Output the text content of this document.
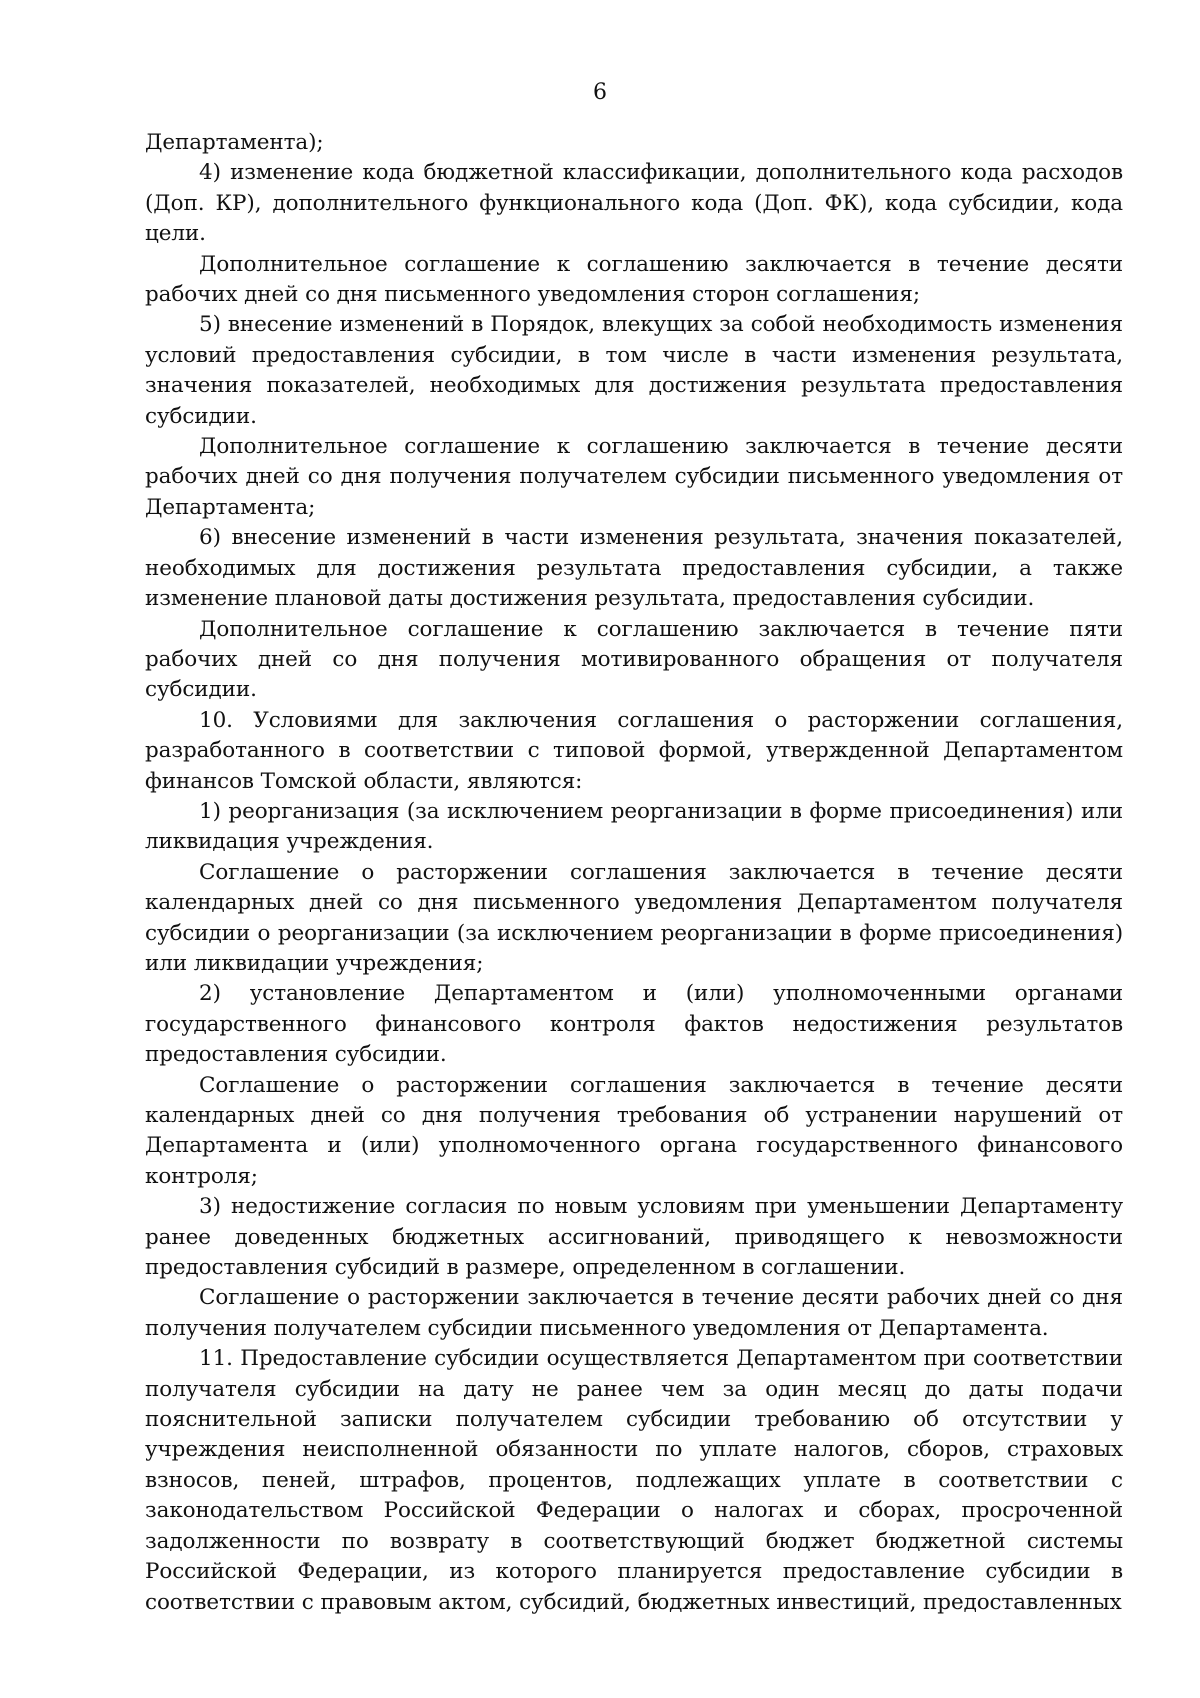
6

Департамента);

4) изменение кода бюджетной классификации, дополнительного кода расходов (Доп. КР), дополнительного функционального кода (Доп. ФК), кода субсидии, кода цели.

Дополнительное соглашение к соглашению заключается в течение десяти рабочих дней со дня письменного уведомления сторон соглашения;

5) внесение изменений в Порядок, влекущих за собой необходимость изменения условий предоставления субсидии, в том числе в части изменения результата, значения показателей, необходимых для достижения результата предоставления субсидии.

Дополнительное соглашение к соглашению заключается в течение десяти рабочих дней со дня получения получателем субсидии письменного уведомления от Департамента;

6) внесение изменений в части изменения результата, значения показателей, необходимых для достижения результата предоставления субсидии, а также изменение плановой даты достижения результата, предоставления субсидии.

Дополнительное соглашение к соглашению заключается в течение пяти рабочих дней со дня получения мотивированного обращения от получателя субсидии.

10. Условиями для заключения соглашения о расторжении соглашения, разработанного в соответствии с типовой формой, утвержденной Департаментом финансов Томской области, являются:

1) реорганизация (за исключением реорганизации в форме присоединения) или ликвидация учреждения.

Соглашение о расторжении соглашения заключается в течение десяти календарных дней со дня письменного уведомления Департаментом получателя субсидии о реорганизации (за исключением реорганизации в форме присоединения) или ликвидации учреждения;

2) установление Департаментом и (или) уполномоченными органами государственного финансового контроля фактов недостижения результатов предоставления субсидии.

Соглашение о расторжении соглашения заключается в течение десяти календарных дней со дня получения требования об устранении нарушений от Департамента и (или) уполномоченного органа государственного финансового контроля;

3) недостижение согласия по новым условиям при уменьшении Департаменту ранее доведенных бюджетных ассигнований, приводящего к невозможности предоставления субсидий в размере, определенном в соглашении.

Соглашение о расторжении заключается в течение десяти рабочих дней со дня получения получателем субсидии письменного уведомления от Департамента.

11. Предоставление субсидии осуществляется Департаментом при соответствии получателя субсидии на дату не ранее чем за один месяц до даты подачи пояснительной записки получателем субсидии требованию об отсутствии у учреждения неисполненной обязанности по уплате налогов, сборов, страховых взносов, пеней, штрафов, процентов, подлежащих уплате в соответствии с законодательством Российской Федерации о налогах и сборах, просроченной задолженности по возврату в соответствующий бюджет бюджетной системы Российской Федерации, из которого планируется предоставление субсидии в соответствии с правовым актом, субсидий, бюджетных инвестиций, предоставленных
